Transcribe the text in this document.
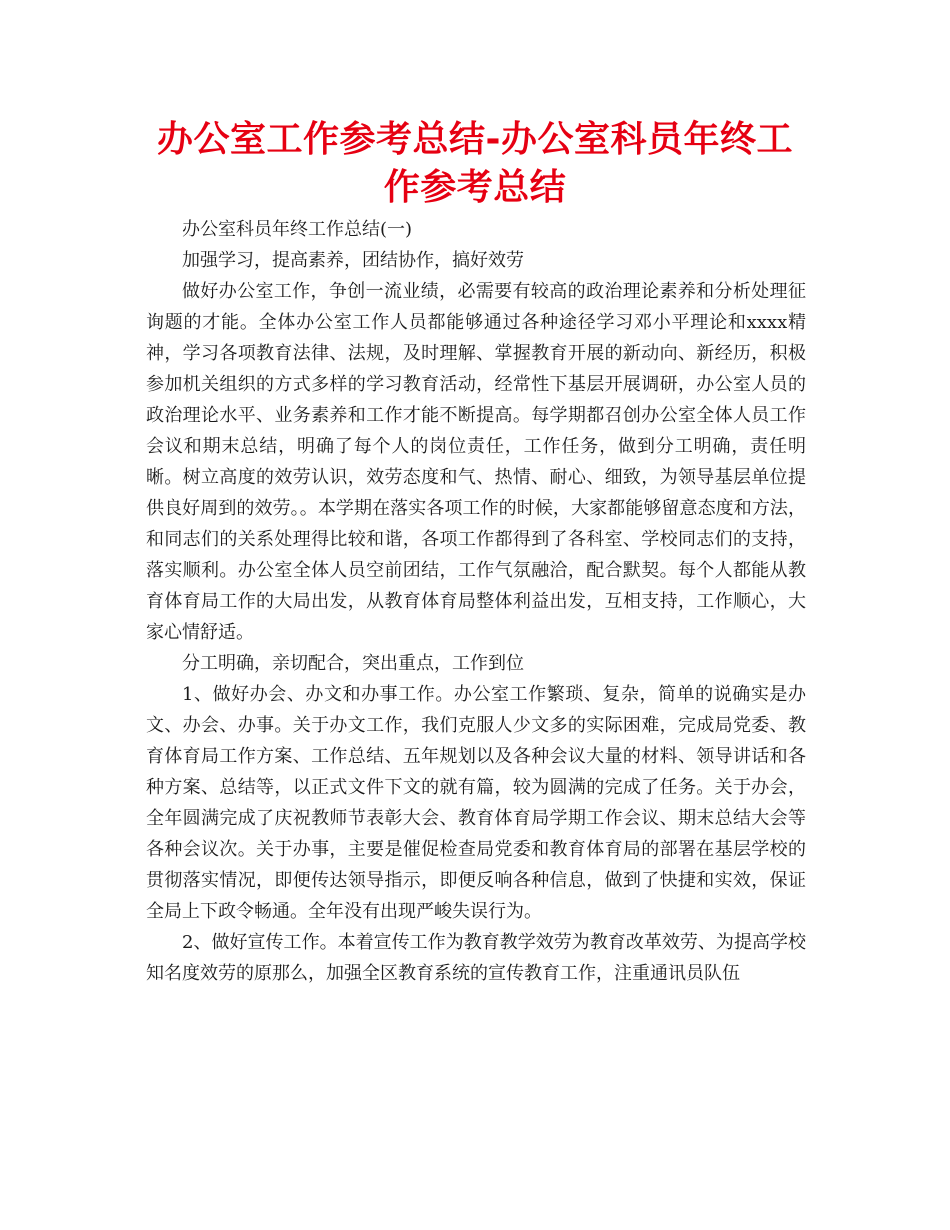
办公室工作参考总结-办公室科员年终工作参考总结

办公室科员年终工作总结(一)

加强学习，提高素养，团结协作，搞好效劳

做好办公室工作，争创一流业绩，必需要有较高的政治理论素养和分析处理征询题的才能。全体办公室工作人员都能够通过各种途径学习邓小平理论和xxxx精神，学习各项教育法律、法规，及时理解、掌握教育开展的新动向、新经历，积极参加机关组织的方式多样的学习教育活动，经常性下基层开展调研，办公室人员的政治理论水平、业务素养和工作才能不断提高。每学期都召创办公室全体人员工作会议和期末总结，明确了每个人的岗位责任，工作任务，做到分工明确，责任明晰。树立高度的效劳认识，效劳态度和气、热情、耐心、细致，为领导基层单位提供良好周到的效劳。。本学期在落实各项工作的时候，大家都能够留意态度和方法，和同志们的关系处理得比较和谐，各项工作都得到了各科室、学校同志们的支持，落实顺利。办公室全体人员空前团结，工作气氛融洽，配合默契。每个人都能从教育体育局工作的大局出发，从教育体育局整体利益出发，互相支持，工作顺心，大家心情舒适。

分工明确，亲切配合，突出重点，工作到位

1、做好办会、办文和办事工作。办公室工作繁琐、复杂，简单的说确实是办文、办会、办事。关于办文工作，我们克服人少文多的实际困难，完成局党委、教育体育局工作方案、工作总结、五年规划以及各种会议大量的材料、领导讲话和各种方案、总结等，以正式文件下文的就有篇，较为圆满的完成了任务。关于办会，全年圆满完成了庆祝教师节表彰大会、教育体育局学期工作会议、期末总结大会等各种会议次。关于办事，主要是催促检查局党委和教育体育局的部署在基层学校的贯彻落实情况，即便传达领导指示，即便反响各种信息，做到了快捷和实效，保证全局上下政令畅通。全年没有出现严峻失误行为。

2、做好宣传工作。本着宣传工作为教育教学效劳为教育改革效劳、为提高学校知名度效劳的原那么，加强全区教育系统的宣传教育工作，注重通讯员队伍
